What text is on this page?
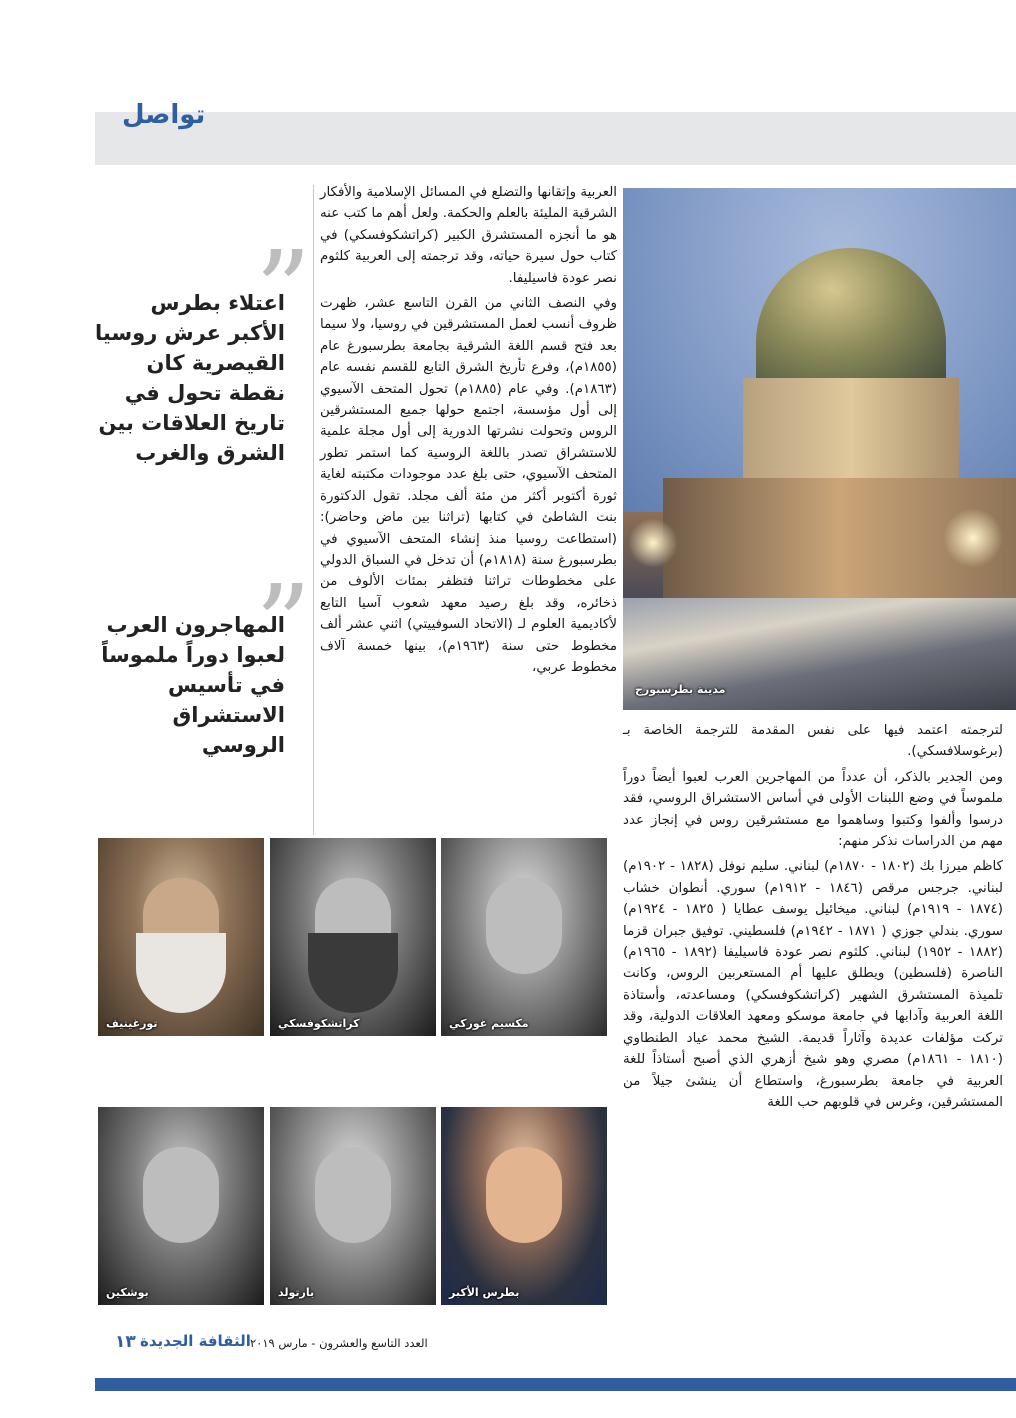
تواصل
مدينة بطرسبورج

العربية وإتقانها والتضلع في المسائل الإسلامية والأفكار الشرقية المليئة بالعلم والحكمة. ولعل أهم ما كتب عنه هو ما أنجزه المستشرق الكبير (كراتشكوفسكي) في كتاب حول سيرة حياته، وقد ترجمته إلى العربية كلثوم نصر عودة فاسيليفا.

وفي النصف الثاني من القرن التاسع عشر، ظهرت ظروف أنسب لعمل المستشرقين في روسيا، ولا سيما بعد فتح قسم اللغة الشرقية بجامعة بطرسبورغ عام (١٨٥٥م)، وفرع تأريخ الشرق التابع للقسم نفسه عام (١٨٦٣م). وفي عام (١٨٨٥م) تحول المتحف الآسيوي إلى أول مؤسسة، اجتمع حولها جميع المستشرقين الروس وتحولت نشرتها الدورية إلى أول مجلة علمية للاستشراق تصدر باللغة الروسية كما استمر تطور المتحف الآسيوي، حتى بلغ عدد موجودات مكتبته لغاية ثورة أكتوبر أكثر من مئة ألف مجلد. تقول الدكتورة بنت الشاطئ في كتابها (تراثنا بين ماض وحاضر): (استطاعت روسيا منذ إنشاء المتحف الآسيوي في بطرسبورغ سنة (١٨١٨م) أن تدخل في السباق الدولي على مخطوطات تراثنا فتظفر بمئات الألوف من ذخائره، وقد بلغ رصيد معهد شعوب آسيا التابع لأكاديمية العلوم لـ (الاتحاد السوفييتي) اثني عشر ألف مخطوط حتى سنة (١٩٦٣م)، بينها خمسة آلاف مخطوط عربي،

لترجمته اعتمد فيها على نفس المقدمة للترجمة الخاصة بـ (برغوسلافسكي).

ومن الجدير بالذكر، أن عدداً من المهاجرين العرب لعبوا أيضاً دوراً ملموساً في وضع اللبنات الأولى في أساس الاستشراق الروسي، فقد درسوا وألفوا وكتبوا وساهموا مع مستشرقين روس في إنجاز عدد مهم من الدراسات نذكر منهم:

كاظم ميرزا بك (١٨٠٢ - ١٨٧٠م) لبناني. سليم نوفل (١٨٢٨ - ١٩٠٢م) لبناني. جرجس مرقص (١٨٤٦ - ١٩١٢م) سوري. أنطوان خشاب (١٨٧٤ - ١٩١٩م) لبناني. ميخائيل يوسف عطايا ( ١٨٢٥ - ١٩٢٤م) سوري. بندلي جوزي ( ١٨٧١ - ١٩٤٢م) فلسطيني. توفيق جبران قزما (١٨٨٢ - ١٩٥٢) لبناني. كلثوم نصر عودة فاسيليفا (١٨٩٢ - ١٩٦٥م) الناصرة (فلسطين) ويطلق عليها أم المستعربين الروس، وكانت تلميذة المستشرق الشهير (كراتشكوفسكي) ومساعدته، وأستاذة اللغة العربية وآدابها في جامعة موسكو ومعهد العلاقات الدولية، وقد تركت مؤلفات عديدة وآثاراً قديمة. الشيخ محمد عياد الطنطاوي (١٨١٠ - ١٨٦١م) مصري وهو شيخ أزهري الذي أصبح أستاذاً للغة العربية في جامعة بطرسبورغ، واستطاع أن ينشئ جيلاً من المستشرقين، وغرس في قلوبهم حب اللغة

”
اعتلاء بطرس الأكبر عرش روسيا القيصرية كان نقطة تحول في تاريخ العلاقات بين الشرق والغرب
”
المهاجرون العرب لعبوا دوراً ملموساً في تأسيس الاستشراق الروسي
مكسيم غوركي
كراتشكوفسكي
تورغينيف
بطرس الأكبر
بارتولد
بوشكين
١٣ الثقافة الجديدة العدد التاسع والعشرون - مارس ٢٠١٩
